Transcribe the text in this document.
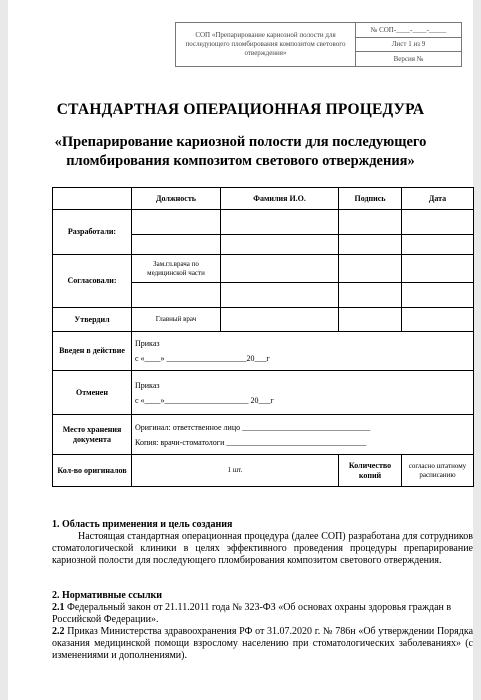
СОП «Препарирование кариозной полости для последующего пломбирования композитом светового отверждения»	№ СОП-____-____-_____
Лист 1 из 9
Версия №
СТАНДАРТНАЯ ОПЕРАЦИОННАЯ ПРОЦЕДУРА
«Препарирование кариозной полости для последующего пломбирования композитом светового отверждения»
	Должность	Фамилия И.О.	Подпись	Дата
Разработали:				

Согласовали:	Зам.гл.врача по медицинской части			

Утвердил	Главный врач			
Введен в действие	Приказ
с «____» ____________________20___г			

Отменен	Приказ
с «____»_____________________ 20___г			

Место хранения документа	Оригинал: ответственное лицо ________________________________
Копия: врачи-стоматологи ___________________________________			

Кол-во оригиналов	1 шт.		Количество копий	согласно штатному расписанию
1. Область применения и цель создания
Настоящая стандартная операционная процедура (далее СОП) разработана для сотрудников стоматологической клиники в целях эффективного проведения процедуры препарирование кариозной полости для последующего пломбирования композитом светового отверждения.
2. Нормативные ссылки
2.1 Федеральный закон от 21.11.2011 года № 323-ФЗ «Об основах охраны здоровья граждан в Российской Федерации».
2.2 Приказ Министерства здравоохранения РФ от 31.07.2020 г. № 786н «Об утверждении Порядка оказания медицинской помощи взрослому населению при стоматологических заболеваниях» (с изменениями и дополнениями).
